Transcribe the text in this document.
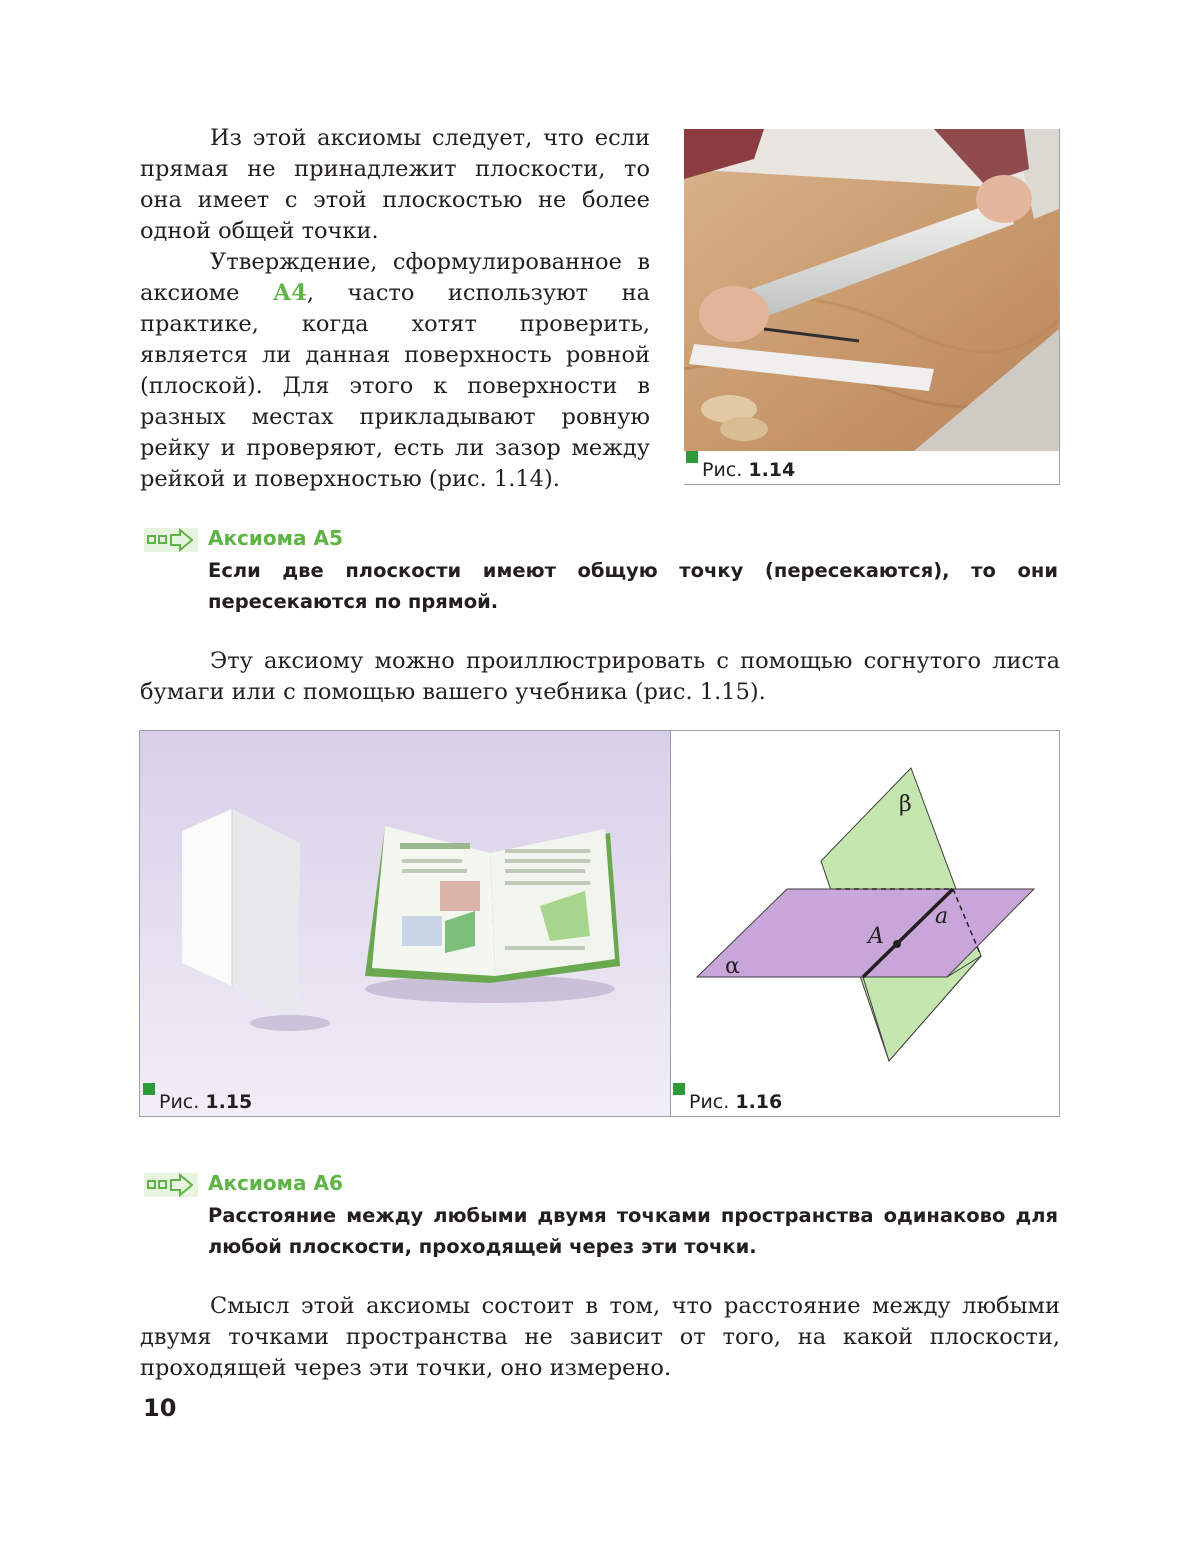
Из этой аксиомы следует, что если прямая не принадлежит плоскости, то она имеет с этой плоскостью не более одной общей точки.

Утверждение, сформулированное в аксиоме А4, часто используют на практике, когда хотят проверить, является ли данная поверхность ровной (плоской). Для этого к поверхности в разных местах прикладывают ровную рейку и проверяют, есть ли зазор между рейкой и поверхностью (рис. 1.14).	Рис. 1.14
Аксиома А5

Если две плоскости имеют общую точку (пересекаются), то они пересекаются по прямой.

Эту аксиому можно проиллюстрировать с помощью согнутого листа бумаги или с помощью вашего учебника (рис. 1.15).

Рис. 1.15
β
α
A
a
Рис. 1.16
Аксиома А6

Расстояние между любыми двумя точками пространства одинаково для любой плоскости, проходящей через эти точки.

Смысл этой аксиомы состоит в том, что расстояние между любыми двумя точками пространства не зависит от того, на какой плоскости, проходящей через эти точки, оно измерено.

10
